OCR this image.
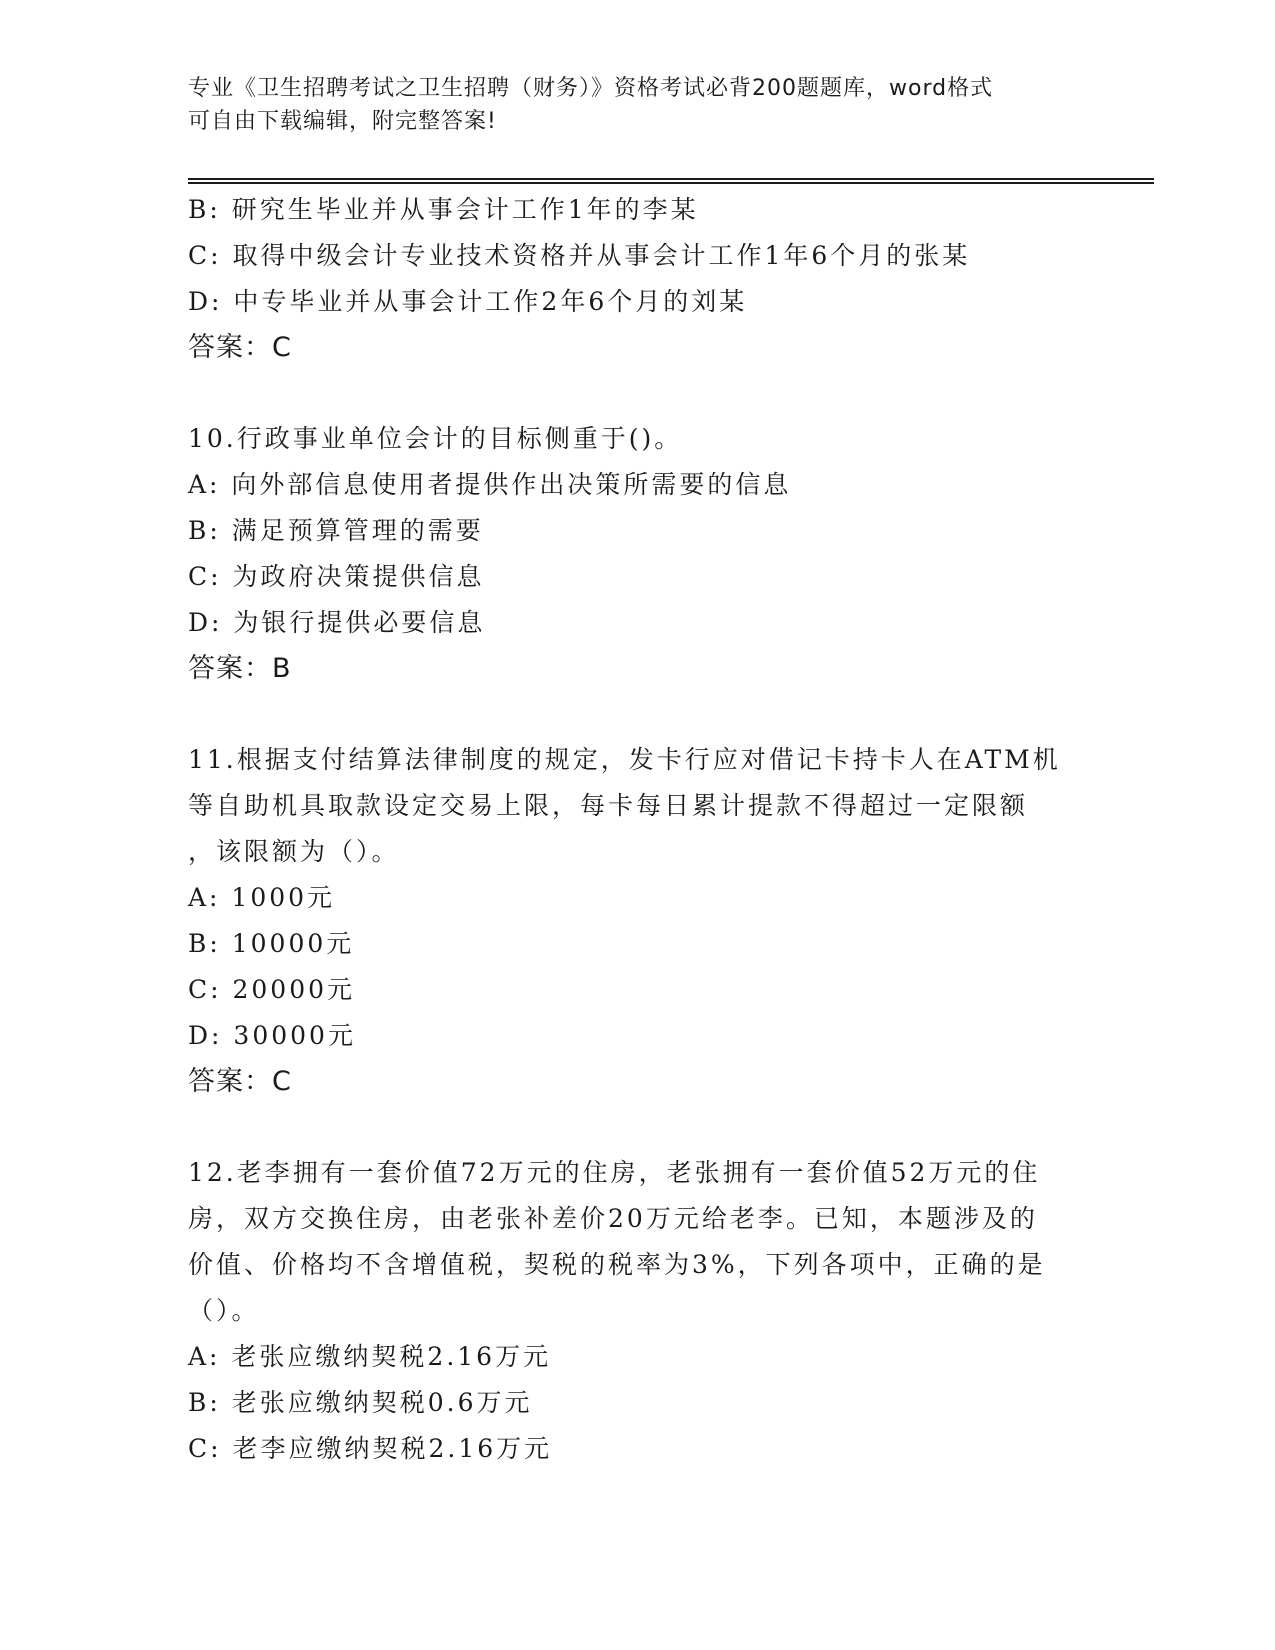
专业《卫生招聘考试之卫生招聘（财务）》资格考试必背200题题库，word格式
可自由下载编辑，附完整答案!
B: 研究生毕业并从事会计工作1年的李某
C: 取得中级会计专业技术资格并从事会计工作1年6个月的张某
D: 中专毕业并从事会计工作2年6个月的刘某
答案：C
10.行政事业单位会计的目标侧重于()。
A: 向外部信息使用者提供作出决策所需要的信息
B: 满足预算管理的需要
C: 为政府决策提供信息
D: 为银行提供必要信息
答案：B
11.根据支付结算法律制度的规定，发卡行应对借记卡持卡人在ATM机
等自助机具取款设定交易上限，每卡每日累计提款不得超过一定限额
，该限额为（）。
A: 1000元
B: 10000元
C: 20000元
D: 30000元
答案：C
12.老李拥有一套价值72万元的住房，老张拥有一套价值52万元的住
房，双方交换住房，由老张补差价20万元给老李。已知，本题涉及的
价值、价格均不含增值税，契税的税率为3%，下列各项中，正确的是
（）。
A: 老张应缴纳契税2.16万元
B: 老张应缴纳契税0.6万元
C: 老李应缴纳契税2.16万元
